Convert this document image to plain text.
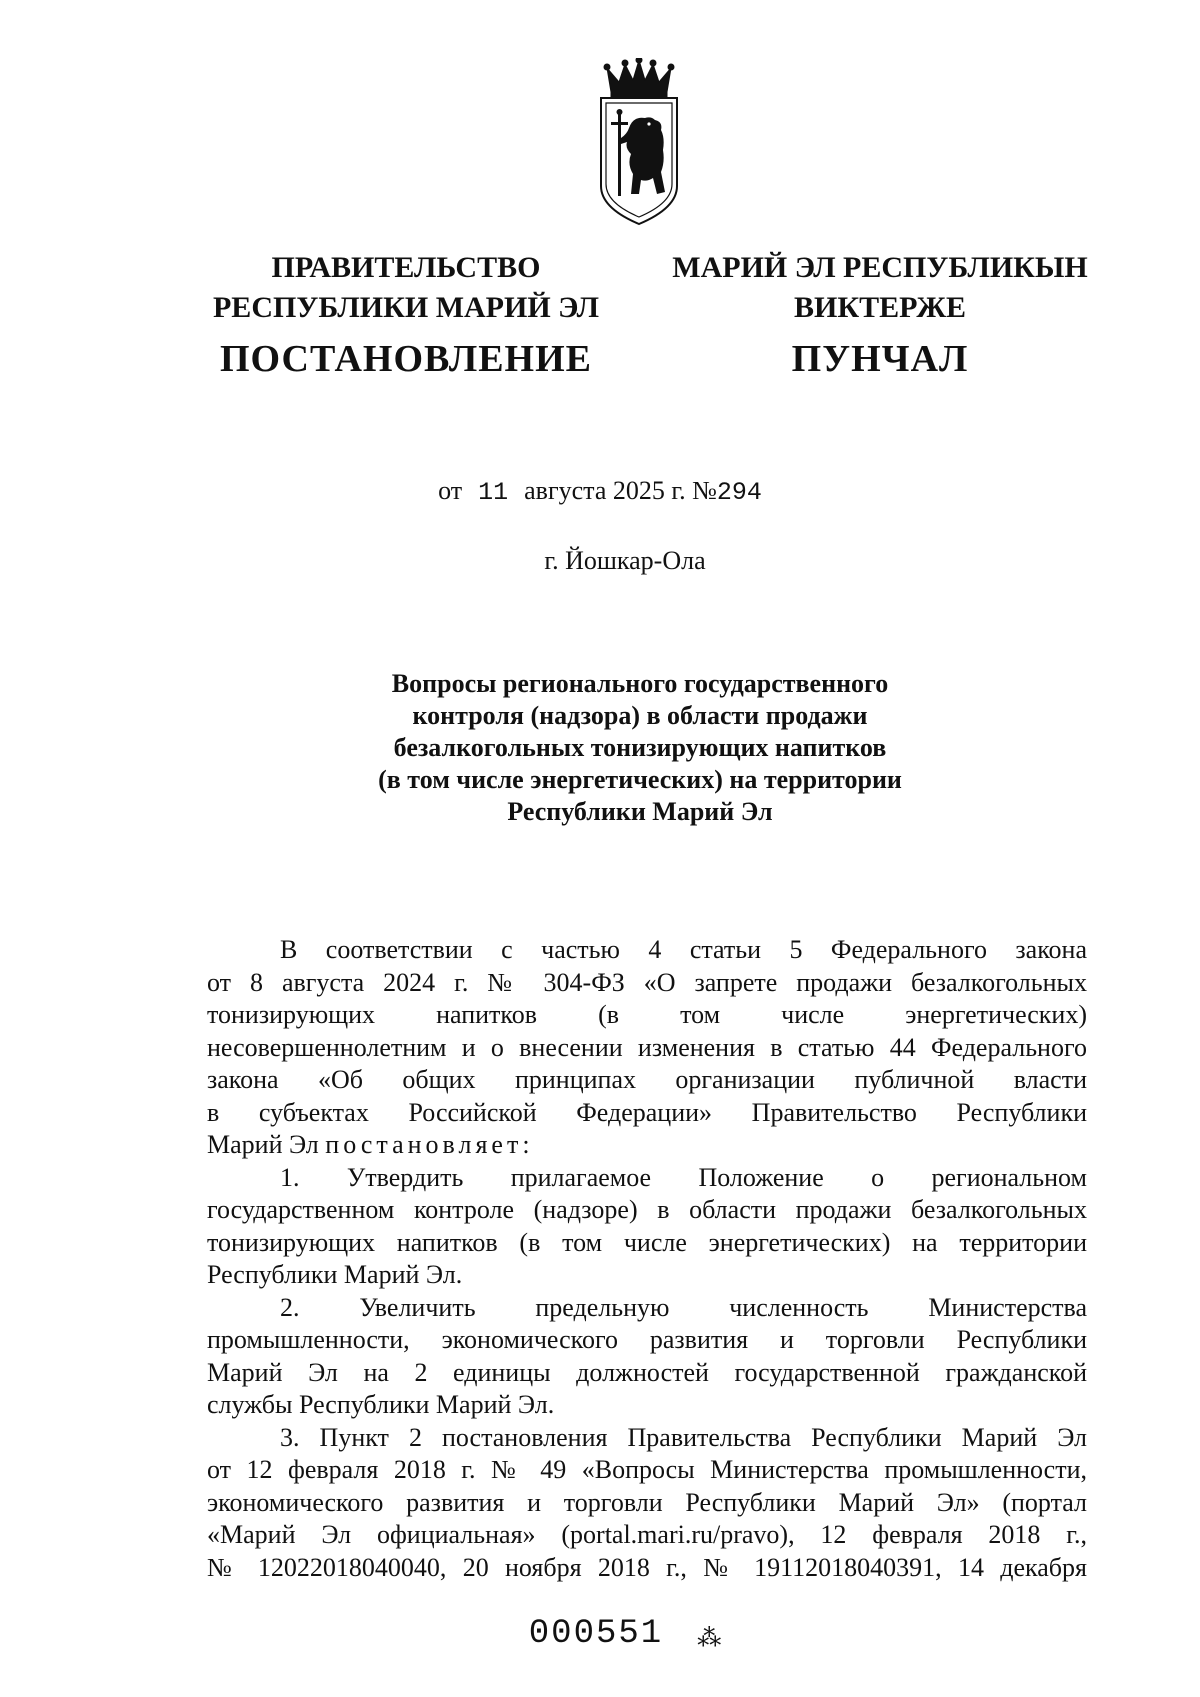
ПРАВИТЕЛЬСТВО
РЕСПУБЛИКИ МАРИЙ ЭЛ
ПОСТАНОВЛЕНИЕ
МАРИЙ ЭЛ РЕСПУБЛИКЫН
ВИКТЕРЖЕ
ПУНЧАЛ
от 11 августа 2025 г. №294
г. Йошкар-Ола
Вопросы регионального государственного
контроля (надзора) в области продажи
безалкогольных тонизирующих напитков
(в том числе энергетических) на территории
Республики Марий Эл
В соответствии с частью 4 статьи 5 Федерального закона
от 8 августа 2024 г. № 304-ФЗ «О запрете продажи безалкогольных
тонизирующих напитков (в том числе энергетических)
несовершеннолетним и о внесении изменения в статью 44 Федерального
закона «Об общих принципах организации публичной власти
в субъектах Российской Федерации» Правительство Республики
Марий Эл постановляет:
1. Утвердить прилагаемое Положение о региональном
государственном контроле (надзоре) в области продажи безалкогольных
тонизирующих напитков (в том числе энергетических) на территории
Республики Марий Эл.
2. Увеличить предельную численность Министерства
промышленности, экономического развития и торговли Республики
Марий Эл на 2 единицы должностей государственной гражданской
службы Республики Марий Эл.
3. Пункт 2 постановления Правительства Республики Марий Эл
от 12 февраля 2018 г. № 49 «Вопросы Министерства промышленности,
экономического развития и торговли Республики Марий Эл» (портал
«Марий Эл официальная» (portal.mari.ru/pravo), 12 февраля 2018 г.,
№ 12022018040040, 20 ноября 2018 г., № 19112018040391, 14 декабря
000551 ⁂
